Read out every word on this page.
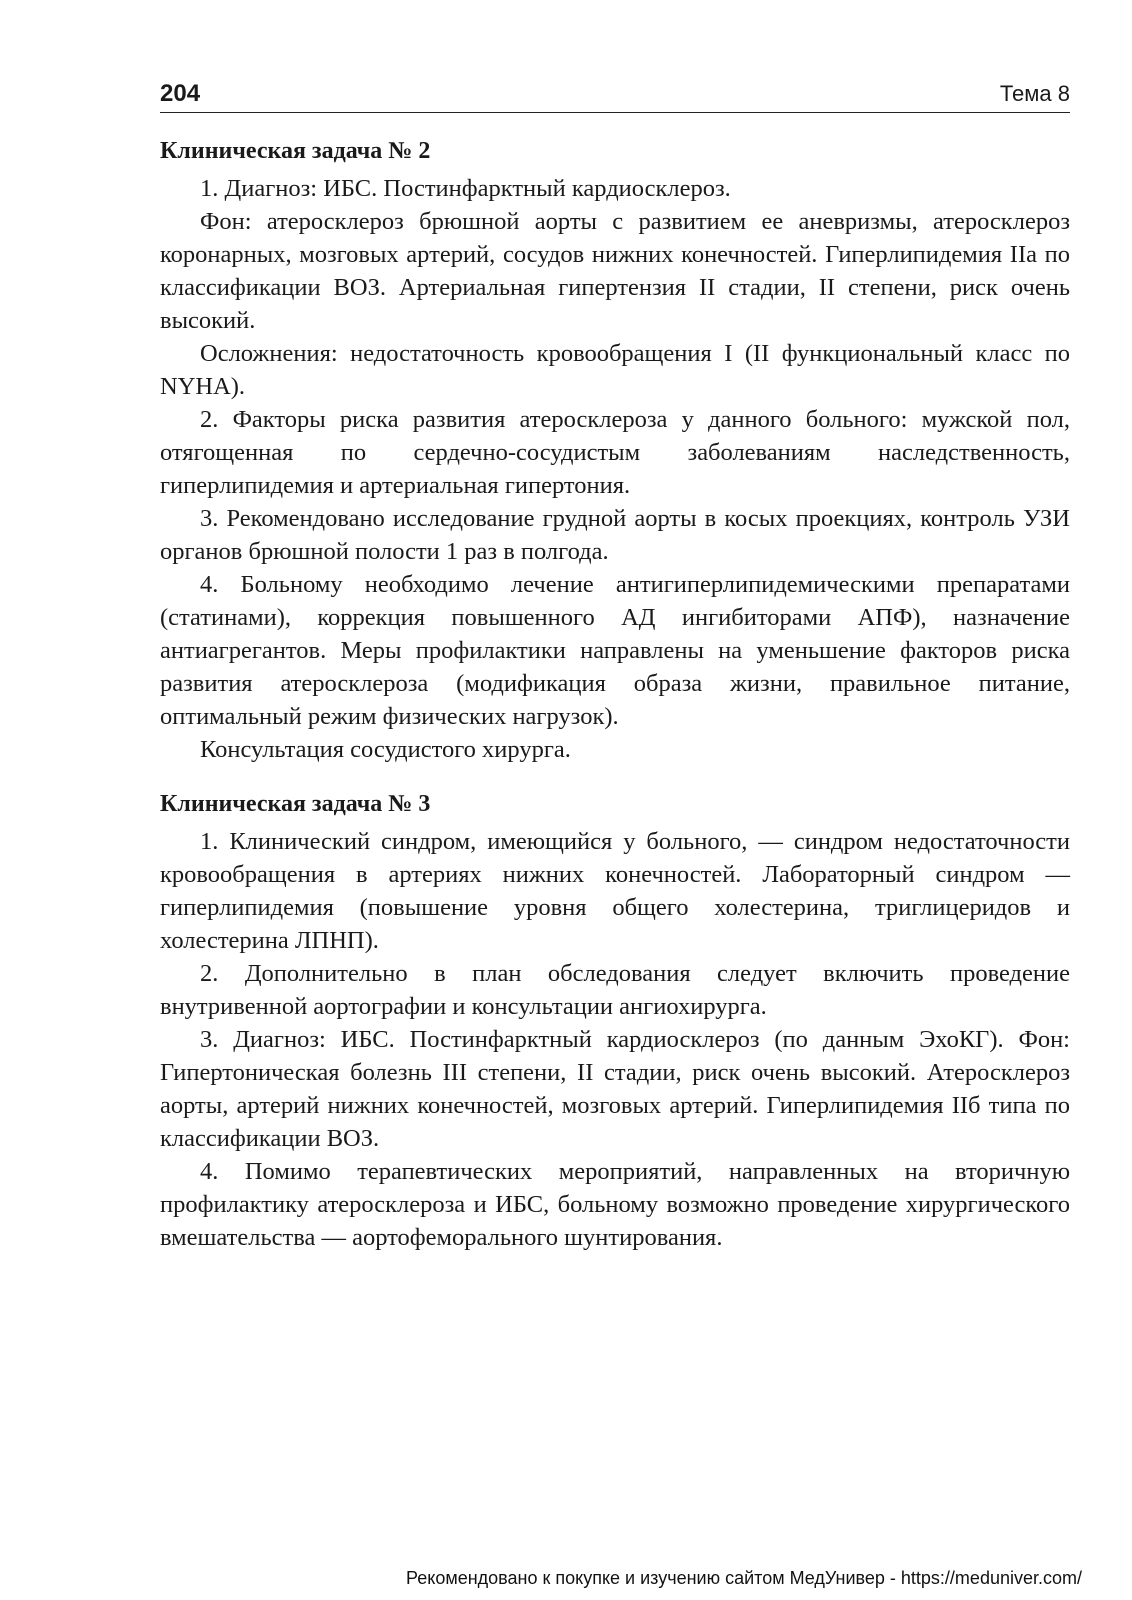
204	Тема 8

Клиническая задача № 2

1. Диагноз: ИБС. Постинфарктный кардиосклероз.

Фон: атеросклероз брюшной аорты с развитием ее аневризмы, атеросклероз коронарных, мозговых артерий, сосудов нижних конечностей. Гиперлипидемия IIa по классификации ВОЗ. Артериальная гипертензия II стадии, II степени, риск очень высокий.

Осложнения: недостаточность кровообращения I (II функциональный класс по NYHA).

2. Факторы риска развития атеросклероза у данного больного: мужской пол, отягощенная по сердечно-сосудистым заболеваниям наследственность, гиперлипидемия и артериальная гипертония.

3. Рекомендовано исследование грудной аорты в косых проекциях, контроль УЗИ органов брюшной полости 1 раз в полгода.

4. Больному необходимо лечение антигиперлипидемическими препаратами (статинами), коррекция повышенного АД ингибиторами АПФ), назначение антиагрегантов. Меры профилактики направлены на уменьшение факторов риска развития атеросклероза (модификация образа жизни, правильное питание, оптимальный режим физических нагрузок).

Консультация сосудистого хирурга.

Клиническая задача № 3

1. Клинический синдром, имеющийся у больного, — синдром недостаточности кровообращения в артериях нижних конечностей. Лабораторный синдром — гиперлипидемия (повышение уровня общего холестерина, триглицеридов и холестерина ЛПНП).

2. Дополнительно в план обследования следует включить проведение внутривенной аортографии и консультации ангиохирурга.

3. Диагноз: ИБС. Постинфарктный кардиосклероз (по данным ЭхоКГ). Фон: Гипертоническая болезнь III степени, II стадии, риск очень высокий. Атеросклероз аорты, артерий нижних конечностей, мозговых артерий. Гиперлипидемия IIб типа по классификации ВОЗ.

4. Помимо терапевтических мероприятий, направленных на вторичную профилактику атеросклероза и ИБС, больному возможно проведение хирургического вмешательства — аортофеморального шунтирования.

Рекомендовано к покупке и изучению сайтом МедУнивер - https://meduniver.com/
